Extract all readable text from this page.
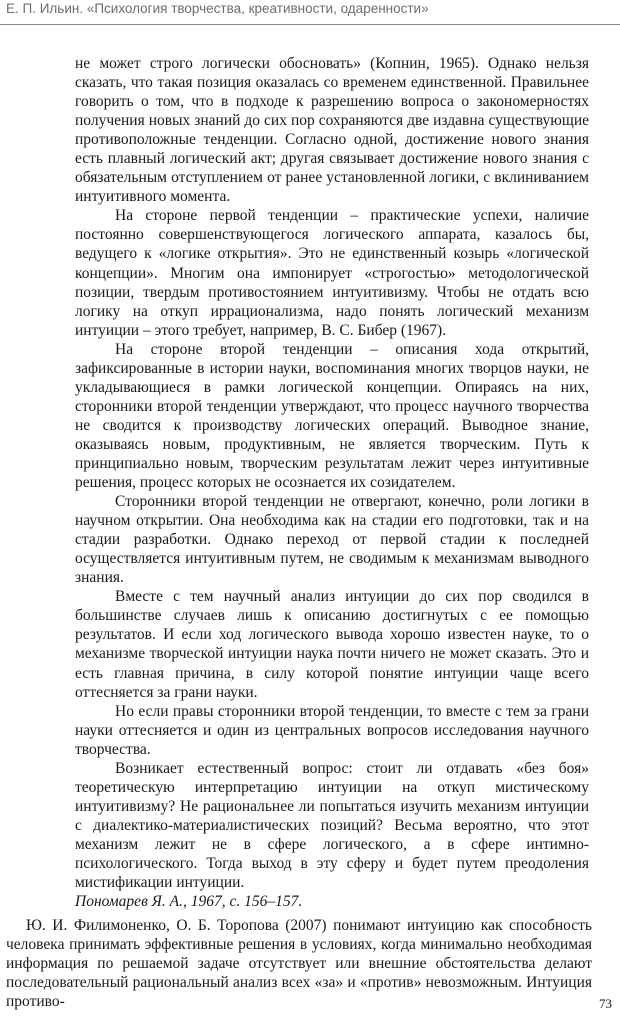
Е. П. Ильин. «Психология творчества, креативности, одаренности»

не может строго логически обосновать» (Копнин, 1965). Однако нельзя сказать, что такая позиция оказалась со временем единственной. Правильнее говорить о том, что в подходе к разрешению вопроса о закономерностях получения новых знаний до сих пор сохраняются две издавна существующие противоположные тенденции. Согласно одной, достижение нового знания есть плавный логический акт; другая связывает достижение нового знания с обязательным отступлением от ранее установленной логики, с вклиниванием интуитивного момента.

На стороне первой тенденции – практические успехи, наличие постоянно совершенствующегося логического аппарата, казалось бы, ведущего к «логике открытия». Это не единственный козырь «логической концепции». Многим она импонирует «строгостью» методологической позиции, твердым противостоянием интуитивизму. Чтобы не отдать всю логику на откуп иррационализма, надо понять логический механизм интуиции – этого требует, например, В. С. Бибер (1967).

На стороне второй тенденции – описания хода открытий, зафиксированные в истории науки, воспоминания многих творцов науки, не укладывающиеся в рамки логической концепции. Опираясь на них, сторонники второй тенденции утверждают, что процесс научного творчества не сводится к производству логических операций. Выводное знание, оказываясь новым, продуктивным, не является творческим. Путь к принципиально новым, творческим результатам лежит через интуитивные решения, процесс которых не осознается их созидателем.

Сторонники второй тенденции не отвергают, конечно, роли логики в научном открытии. Она необходима как на стадии его подготовки, так и на стадии разработки. Однако переход от первой стадии к последней осуществляется интуитивным путем, не сводимым к механизмам выводного знания.

Вместе с тем научный анализ интуиции до сих пор сводился в большинстве случаев лишь к описанию достигнутых с ее помощью результатов. И если ход логического вывода хорошо известен науке, то о механизме творческой интуиции наука почти ничего не может сказать. Это и есть главная причина, в силу которой понятие интуиции чаще всего оттесняется за грани науки.

Но если правы сторонники второй тенденции, то вместе с тем за грани науки оттесняется и один из центральных вопросов исследования научного творчества.

Возникает естественный вопрос: стоит ли отдавать «без боя» теоретическую интерпретацию интуиции на откуп мистическому интуитивизму? Не рациональнее ли попытаться изучить механизм интуиции с диалектико-материалистических позиций? Весьма вероятно, что этот механизм лежит не в сфере логического, а в сфере интимно-психологического. Тогда выход в эту сферу и будет путем преодоления мистификации интуиции.

Пономарев Я. А., 1967, с. 156–157.

Ю. И. Филимоненко, О. Б. Торопова (2007) понимают интуицию как способность человека принимать эффективные решения в условиях, когда минимально необходимая информация по решаемой задаче отсутствует или внешние обстоятельства делают последовательный рациональный анализ всех «за» и «против» невозможным. Интуиция противо-	73
